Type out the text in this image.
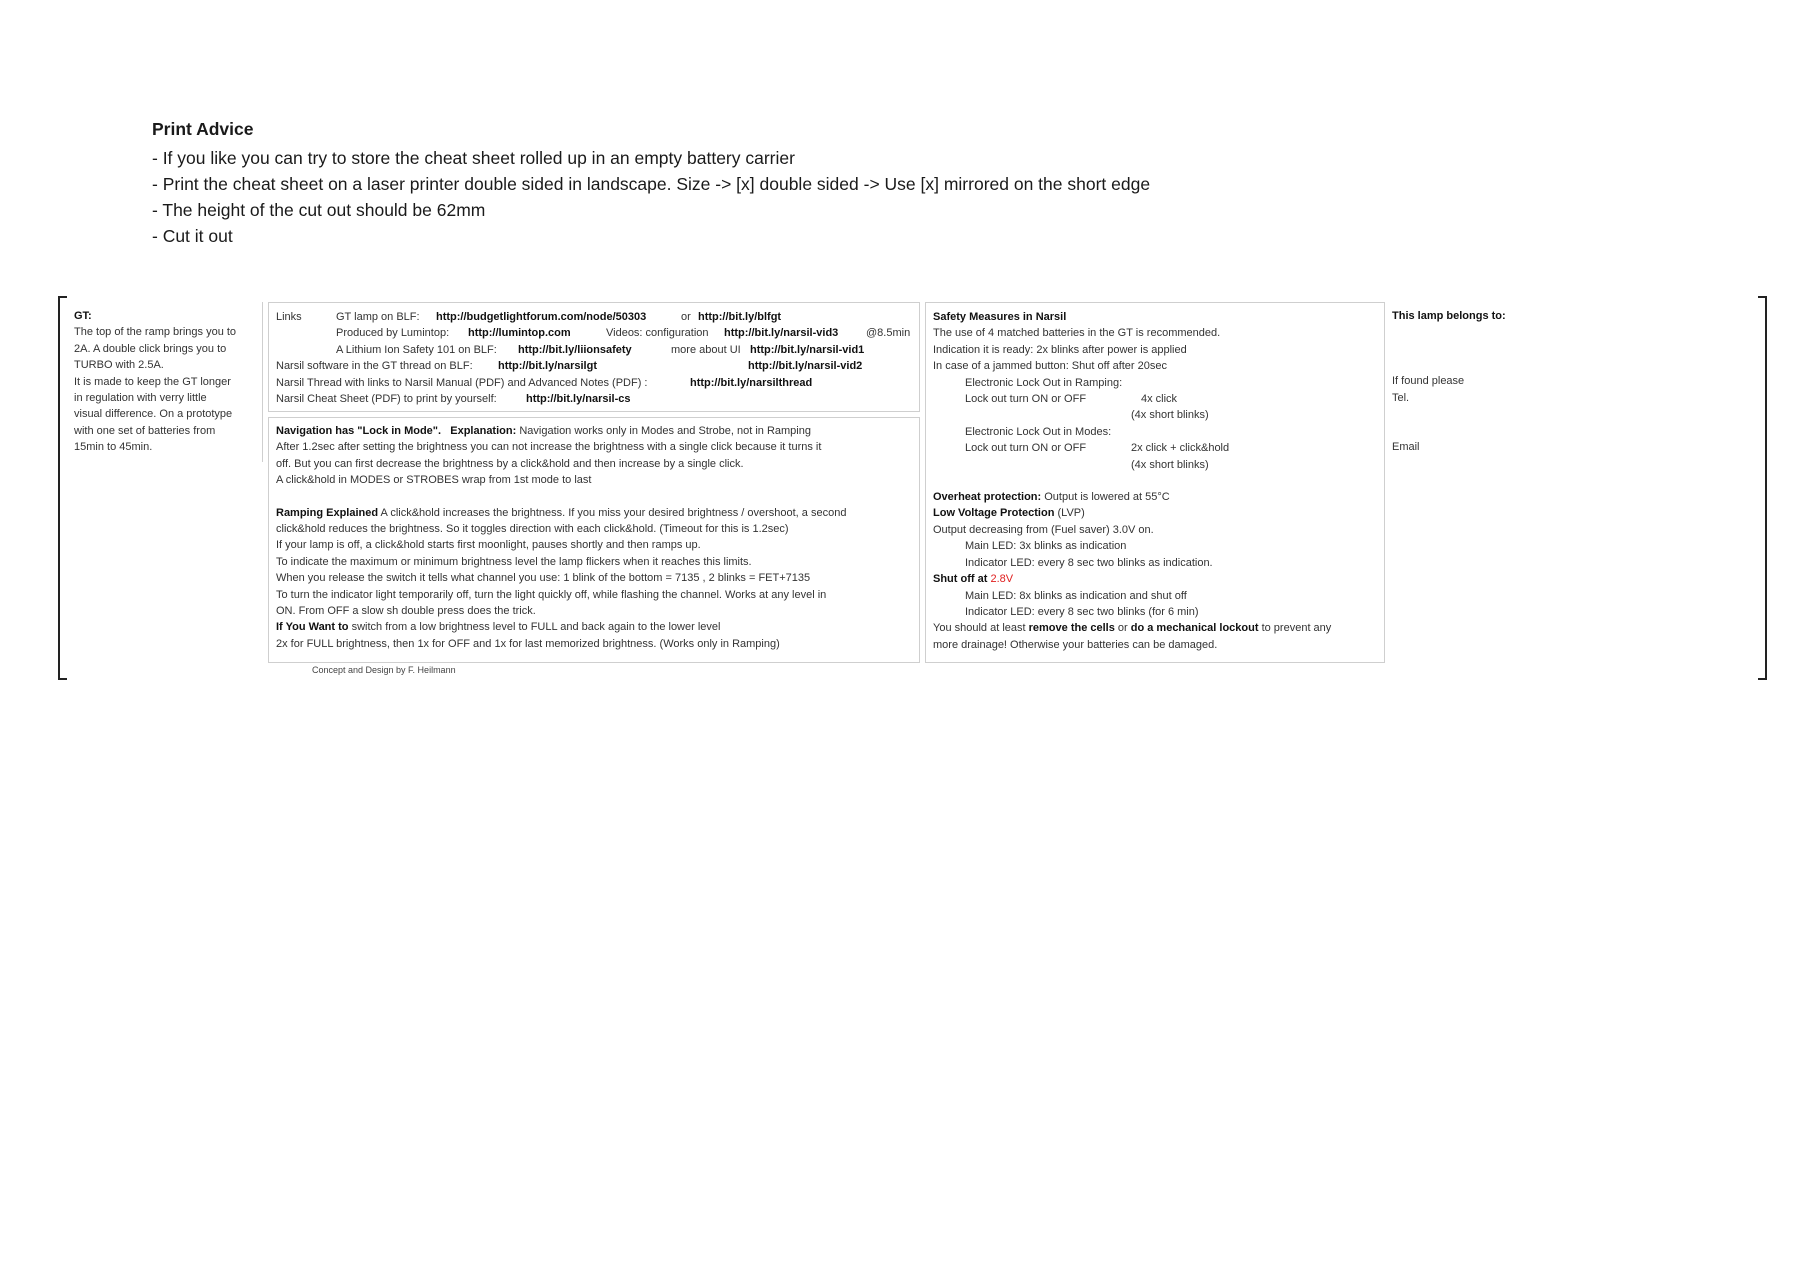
Print Advice
- If you like you can try to store the cheat sheet rolled up in an empty battery carrier
- Print the cheat sheet on a laser printer double sided in landscape. Size -> [x] double sided -> Use [x] mirrored on the short edge
- The height of the cut out should be 62mm
- Cut it out
GT:
The top of the ramp brings you to
2A. A double click brings you to
TURBO with 2.5A.
It is made to keep the GT longer
in regulation with verry little
visual difference. On a prototype
with one set of batteries from
15min to 45min.
Links	GT lamp on BLF: http://budgetlightforum.com/node/50303	or http://bit.ly/blfgt
Produced by Lumintop: http://lumintop.com	Videos: configuration http://bit.ly/narsil-vid3	@8.5min
A Lithium Ion Safety 101 on BLF: http://bit.ly/liionsafety	more about UI http://bit.ly/narsil-vid1
Narsil software in the GT thread on BLF: http://bit.ly/narsilgt	http://bit.ly/narsil-vid2
Narsil Thread with links to Narsil Manual (PDF) and Advanced Notes (PDF) :	http://bit.ly/narsilthread
Narsil Cheat Sheet (PDF) to print by yourself:	http://bit.ly/narsil-cs
Navigation has "Lock in Mode". Explanation: Navigation works only in Modes and Strobe, not in Ramping
After 1.2sec after setting the brightness you can not increase the brightness with a single click because it turns it
off. But you can first decrease the brightness by a click&hold and then increase by a single click.
A click&hold in MODES or STROBES wrap from 1st mode to last
Ramping Explained A click&hold increases the brightness. If you miss your desired brightness / overshoot, a second
click&hold reduces the brightness. So it toggles direction with each click&hold. (Timeout for this is 1.2sec)
If your lamp is off, a click&hold starts first moonlight, pauses shortly and then ramps up.
To indicate the maximum or minimum brightness level the lamp flickers when it reaches this limits.
When you release the switch it tells what channel you use: 1 blink of the bottom = 7135 , 2 blinks = FET+7135
To turn the indicator light temporarily off, turn the light quickly off, while flashing the channel. Works at any level in
ON. From OFF a slow sh double press does the trick.
If You Want to switch from a low brightness level to FULL and back again to the lower level
2x for FULL brightness, then 1x for OFF and 1x for last memorized brightness. (Works only in Ramping)
Safety Measures in Narsil
The use of 4 matched batteries in the GT is recommended.
Indication it is ready: 2x blinks after power is applied
In case of a jammed button: Shut off after 20sec
Electronic Lock Out in Ramping:
Lock out turn ON or OFF	4x click
(4x short blinks)
Electronic Lock Out in Modes:
Lock out turn ON or OFF	2x click + click&hold
(4x short blinks)
Overheat protection: Output is lowered at 55°C
Low Voltage Protection (LVP)
Output decreasing from (Fuel saver) 3.0V on.
Main LED: 3x blinks as indication
Indicator LED: every 8 sec two blinks as indication.
Shut off at 2.8V
Main LED: 8x blinks as indication and shut off
Indicator LED: every 8 sec two blinks (for 6 min)
You should at least remove the cells or do a mechanical lockout to prevent any
more drainage! Otherwise your batteries can be damaged.
This lamp belongs to:
If found please
Tel.
Email
Concept and Design by F. Heilmann
